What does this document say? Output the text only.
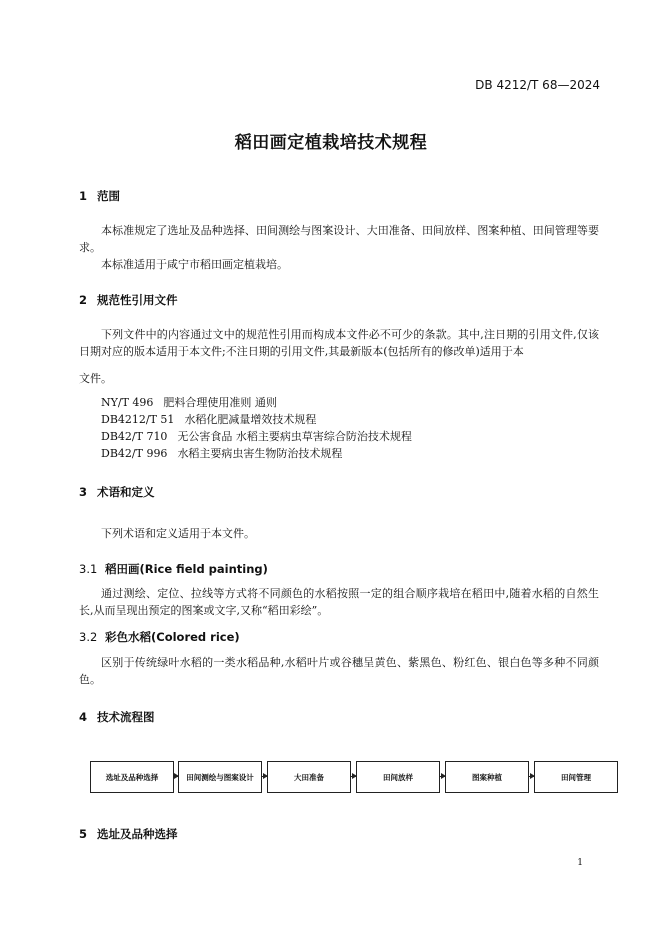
DB 4212/T 68—2024
稻田画定植栽培技术规程
1 范围
本标准规定了选址及品种选择、田间测绘与图案设计、大田准备、田间放样、图案种植、田间管理等要求。
本标准适用于咸宁市稻田画定植栽培。
2 规范性引用文件
下列文件中的内容通过文中的规范性引用而构成本文件必不可少的条款。其中,注日期的引用文件,仅该日期对应的版本适用于本文件;不注日期的引用文件,其最新版本(包括所有的修改单)适用于本
文件。
NY/T 496 肥料合理使用准则 通则
DB4212/T 51 水稻化肥减量增效技术规程
DB42/T 710 无公害食品 水稻主要病虫草害综合防治技术规程
DB42/T 996 水稻主要病虫害生物防治技术规程
3 术语和定义
下列术语和定义适用于本文件。
3.1 稻田画(Rice field painting)
通过测绘、定位、拉线等方式将不同颜色的水稻按照一定的组合顺序栽培在稻田中,随着水稻的自然生长,从而呈现出预定的图案或文字,又称“稻田彩绘”。
3.2 彩色水稻(Colored rice)
区别于传统绿叶水稻的一类水稻品种,水稻叶片或谷穗呈黄色、紫黑色、粉红色、银白色等多种不同颜色。
4 技术流程图
选址及品种选择	田间测绘与图案设计	大田准备	田间放样	图案种植	田间管理
5 选址及品种选择
1
